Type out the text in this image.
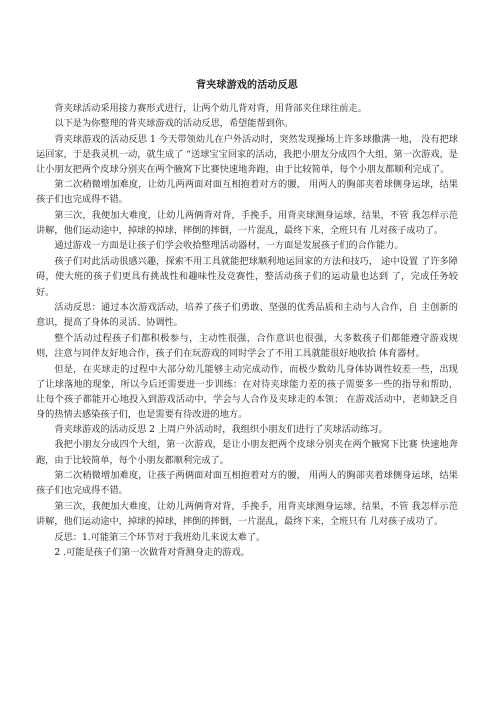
背夹球游戏的活动反思

背夹球活动采用接力赛形式进行，让两个幼儿背对背，用背部夹住球往前走。

以下是为你整理的背夹球游戏的活动反思，希望能帮到你。

背夹球游戏的活动反思 1 今天带领幼儿在户外活动时，突然发现操场上许多球撒满一地， 没有把球运回家，于是我灵机一动，就生成了 “送球宝宝回家的活动，我把小朋友分成四个大组，第一次游戏，是让小朋友把两个皮球分别夹在两个腋窝下比赛快速地奔跑，由于比较简单，每个小朋友都顺利完成了。

第二次稍微增加难度，让幼儿两两面对面互相抱着对方的腰， 用两人的胸部夹着球侧身运球，结果孩子们也完成得不错。

第三次，我便加大难度，让幼儿两俩背对背，手挽手，用背夹球测身运球，结果，不管 我怎样示范讲解，他们运动途中，掉球的掉球，摔倒的摔倒，一片混乱，最终下来，全班只有 几对孩子成功了。

通过游戏一方面是让孩子们学会收拾整理活动器材，一方面是发展孩子们的合作能力。

孩子们对此活动很感兴趣，探索不用工具就能把球顺利地运回家的方法和技巧， 途中设置 了许多障碍，使大班的孩子们更具有挑战性和趣味性及竞赛性，整活动孩子们的运动量也达到 了，完成任务较好。

活动反思：通过本次游戏活动，培养了孩子们勇敢、坚强的优秀品质和主动与人合作，自 主创新的意识，提高了身体的灵活、协调性。

整个活动过程孩子们都积极参与，主动性很强，合作意识也很强，大多数孩子们都能遵守游戏规则，注意与同伴友好地合作，孩子们在玩游戏的同时学会了不用工具就能很好地收拾 体育器材。

但是，在夹球走的过程中大部分幼儿能够主动完成动作，而极少数幼儿身体协调性较差一些，出现了让球落地的现象，所以今后还需要进一步训练：在对待夹球能力差的孩子需要多一些的指导和帮助，让每个孩子都能开心地投入到游戏活动中，学会与人合作及夹球走的本领； 在游戏活动中，老师缺乏自身的热情去感染孩子们，也是需要有待改进的地方。

背夹球游戏的活动反思 2 上周户外活动时，我组织小朋友们进行了夹球活动练习。

我把小朋友分成四个大组，第一次游戏，是让小朋友把两个皮球分别夹在两个腋窝下比赛 快速地奔跑，由于比较简单，每个小朋友都顺利完成了。

第二次稍微增加难度，让孩子两俩面对面互相抱着对方的腰， 用两人的胸部夹着球侧身运球，结果孩子们也完成得不错。

第三次，我便加大难度，让幼儿两俩背对背，手挽手，用背夹球测身运球，结果，不管 我怎样示范讲解，他们运动途中，掉球的掉球，摔倒的摔倒，一片混乱，最终下来，全班只有 几对孩子成功了。

反思：1.可能第三个环节对于我班幼儿来说太难了。

2 .可能是孩子们第一次做背对背测身走的游戏。
